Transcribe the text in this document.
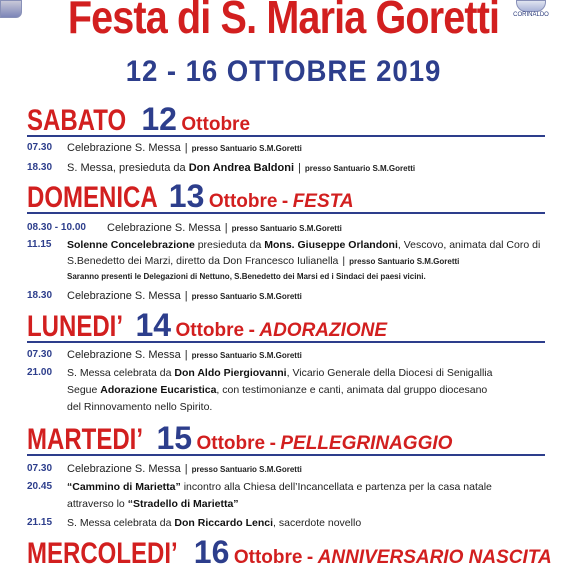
CORINALDO
Festa di S. Maria Goretti
12 - 16 OTTOBRE 2019
SABATO 12 Ottobre
07.30 Celebrazione S. Messa | presso Santuario S.M.Goretti
18.30 S. Messa, presieduta da Don Andrea Baldoni | presso Santuario S.M.Goretti
DOMENICA 13 Ottobre - FESTA
08.30 - 10.00 Celebrazione S. Messa | presso Santuario S.M.Goretti
11.15 Solenne Concelebrazione presieduta da Mons. Giuseppe Orlandoni, Vescovo, animata dal Coro di
S.Benedetto dei Marzi, diretto da Don Francesco Iulianella | presso Santuario S.M.Goretti
Saranno presenti le Delegazioni di Nettuno, S.Benedetto dei Marsi ed i Sindaci dei paesi vicini.
18.30 Celebrazione S. Messa | presso Santuario S.M.Goretti
LUNEDI’ 14 Ottobre - ADORAZIONE
07.30 Celebrazione S. Messa | presso Santuario S.M.Goretti
21.00 S. Messa celebrata da Don Aldo Piergiovanni, Vicario Generale della Diocesi di Senigallia
Segue Adorazione Eucaristica, con testimonianze e canti, animata dal gruppo diocesano
del Rinnovamento nello Spirito.
MARTEDI’ 15 Ottobre - PELLEGRINAGGIO
07.30 Celebrazione S. Messa | presso Santuario S.M.Goretti
20.45 “Cammino di Marietta” incontro alla Chiesa dell’Incancellata e partenza per la casa natale
attraverso lo “Stradello di Marietta”
21.15 S. Messa celebrata da Don Riccardo Lenci, sacerdote novello
MERCOLEDI’ 16 Ottobre - ANNIVERSARIO NASCITA
